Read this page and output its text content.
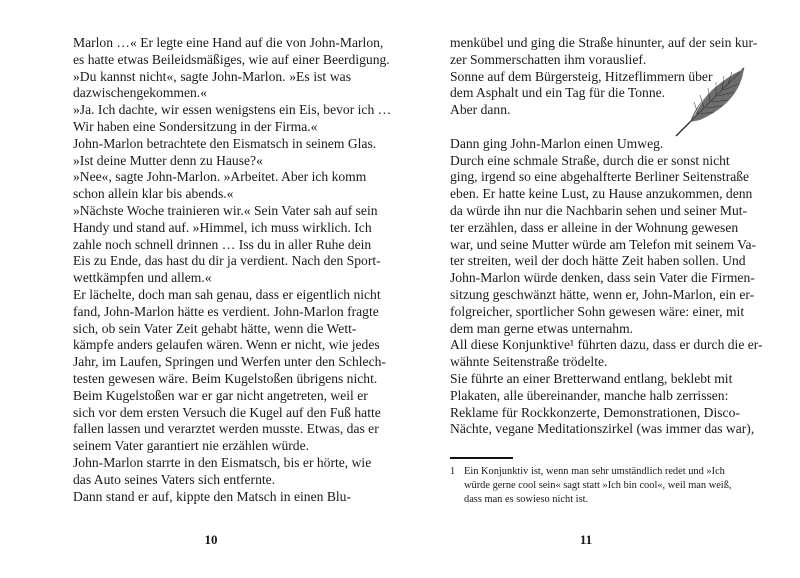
Marlon …« Er legte eine Hand auf die von John-Marlon,
es hatte etwas Beileidsmäßiges, wie auf einer Beerdigung.
»Du kannst nicht«, sagte John-Marlon. »Es ist was
dazwischengekommen.«
»Ja. Ich dachte, wir essen wenigstens ein Eis, bevor ich …
Wir haben eine Sondersitzung in der Firma.«
John-Marlon betrachtete den Eismatsch in seinem Glas.
»Ist deine Mutter denn zu Hause?«
»Nee«, sagte John-Marlon. »Arbeitet. Aber ich komm
schon allein klar bis abends.«
»Nächste Woche trainieren wir.« Sein Vater sah auf sein
Handy und stand auf. »Himmel, ich muss wirklich. Ich
zahle noch schnell drinnen … Iss du in aller Ruhe dein
Eis zu Ende, das hast du dir ja verdient. Nach den Sport-
wettkämpfen und allem.«
Er lächelte, doch man sah genau, dass er eigentlich nicht
fand, John-Marlon hätte es verdient. John-Marlon fragte
sich, ob sein Vater Zeit gehabt hätte, wenn die Wett-
kämpfe anders gelaufen wären. Wenn er nicht, wie jedes
Jahr, im Laufen, Springen und Werfen unter den Schlech-
testen gewesen wäre. Beim Kugelstoßen übrigens nicht.
Beim Kugelstoßen war er gar nicht angetreten, weil er
sich vor dem ersten Versuch die Kugel auf den Fuß hatte
fallen lassen und verarztet werden musste. Etwas, das er
seinem Vater garantiert nie erzählen würde.
John-Marlon starrte in den Eismatsch, bis er hörte, wie
das Auto seines Vaters sich entfernte.
Dann stand er auf, kippte den Matsch in einen Blu-
10
menkübel und ging die Straße hinunter, auf der sein kur-
zer Sommerschatten ihm vorauslief.
Sonne auf dem Bürgersteig, Hitzeflimmern über
dem Asphalt und ein Tag für die Tonne.
Aber dann.
Dann ging John-Marlon einen Umweg.
Durch eine schmale Straße, durch die er sonst nicht
ging, irgend so eine abgehalfterte Berliner Seitenstraße
eben. Er hatte keine Lust, zu Hause anzukommen, denn
da würde ihn nur die Nachbarin sehen und seiner Mut-
ter erzählen, dass er alleine in der Wohnung gewesen
war, und seine Mutter würde am Telefon mit seinem Va-
ter streiten, weil der doch hätte Zeit haben sollen. Und
John-Marlon würde denken, dass sein Vater die Firmen-
sitzung geschwänzt hätte, wenn er, John-Marlon, ein er-
folgreicher, sportlicher Sohn gewesen wäre: einer, mit
dem man gerne etwas unternahm.
All diese Konjunktive¹ führten dazu, dass er durch die er-
wähnte Seitenstraße trödelte.
Sie führte an einer Bretterwand entlang, beklebt mit
Plakaten, alle übereinander, manche halb zerrissen:
Reklame für Rockkonzerte, Demonstrationen, Disco-
Nächte, vegane Meditationszirkel (was immer das war),
1 Ein Konjunktiv ist, wenn man sehr umständlich redet und »Ich
würde gerne cool sein« sagt statt »Ich bin cool«, weil man weiß,
dass man es sowieso nicht ist.
11
